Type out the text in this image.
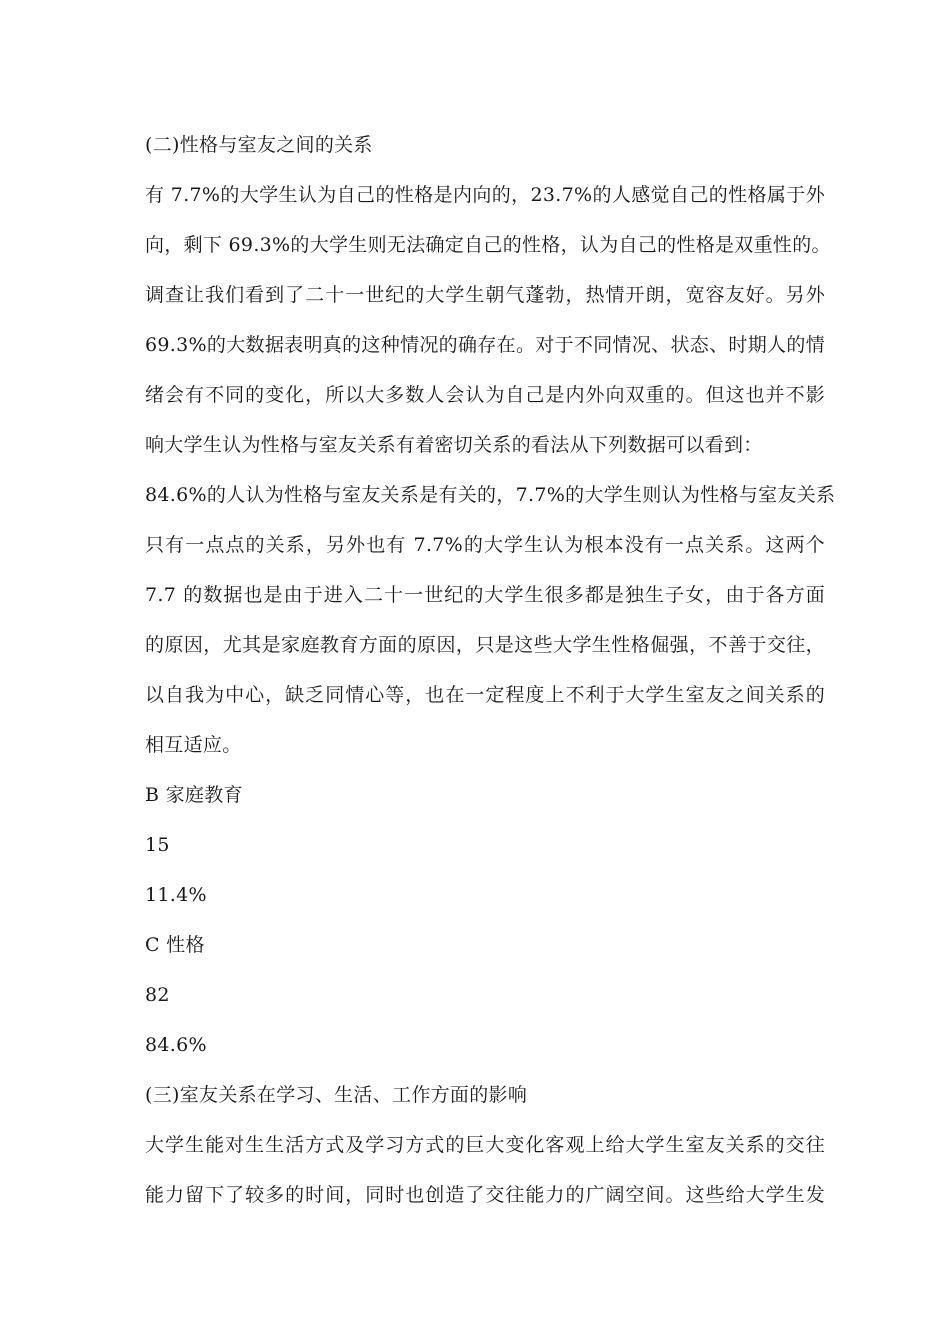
(二)性格与室友之间的关系
有 7.7%的大学生认为自己的性格是内向的，23.7%的人感觉自己的性格属于外
向，剩下 69.3%的大学生则无法确定自己的性格，认为自己的性格是双重性的。
调查让我们看到了二十一世纪的大学生朝气蓬勃，热情开朗，宽容友好。另外
69.3%的大数据表明真的这种情况的确存在。对于不同情况、状态、时期人的情
绪会有不同的变化，所以大多数人会认为自己是内外向双重的。但这也并不影
响大学生认为性格与室友关系有着密切关系的看法从下列数据可以看到：
84.6%的人认为性格与室友关系是有关的，7.7%的大学生则认为性格与室友关系
只有一点点的关系，另外也有 7.7%的大学生认为根本没有一点关系。这两个
7.7 的数据也是由于进入二十一世纪的大学生很多都是独生子女，由于各方面
的原因，尤其是家庭教育方面的原因，只是这些大学生性格倔强，不善于交往，
以自我为中心，缺乏同情心等，也在一定程度上不利于大学生室友之间关系的
相互适应。
B 家庭教育
15
11.4%
C 性格
82
84.6%
(三)室友关系在学习、生活、工作方面的影响
大学生能对生生活方式及学习方式的巨大变化客观上给大学生室友关系的交往
能力留下了较多的时间，同时也创造了交往能力的广阔空间。这些给大学生发
